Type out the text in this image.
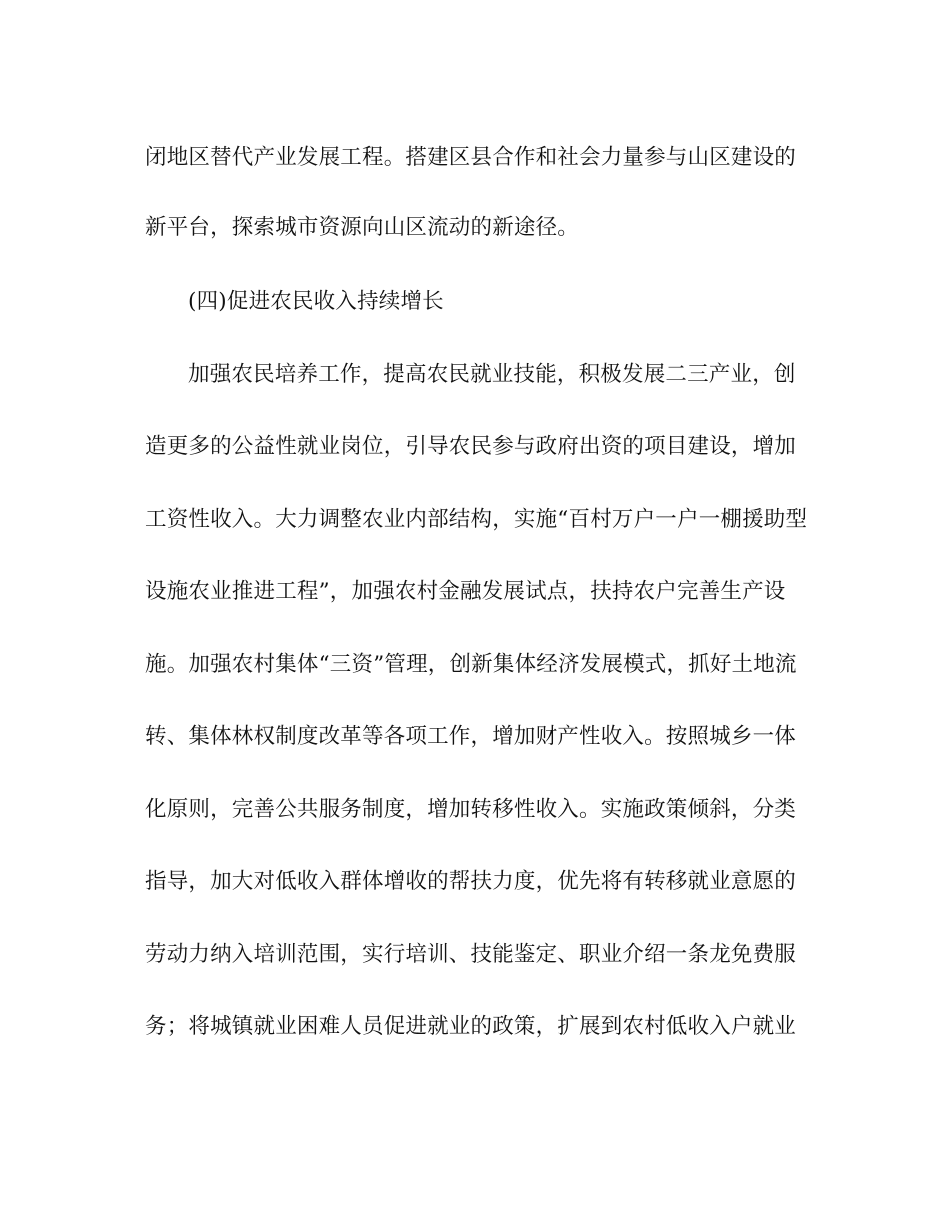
闭地区替代产业发展工程。搭建区县合作和社会力量参与山区建设的
新平台，探索城市资源向山区流动的新途径。
(四)促进农民收入持续增长
加强农民培养工作，提高农民就业技能，积极发展二三产业，创
造更多的公益性就业岗位，引导农民参与政府出资的项目建设，增加
工资性收入。大力调整农业内部结构，实施“百村万户一户一棚援助型
设施农业推进工程”，加强农村金融发展试点，扶持农户完善生产设
施。加强农村集体“三资”管理，创新集体经济发展模式，抓好土地流
转、集体林权制度改革等各项工作，增加财产性收入。按照城乡一体
化原则，完善公共服务制度，增加转移性收入。实施政策倾斜，分类
指导，加大对低收入群体增收的帮扶力度，优先将有转移就业意愿的
劳动力纳入培训范围，实行培训、技能鉴定、职业介绍一条龙免费服
务；将城镇就业困难人员促进就业的政策，扩展到农村低收入户就业
